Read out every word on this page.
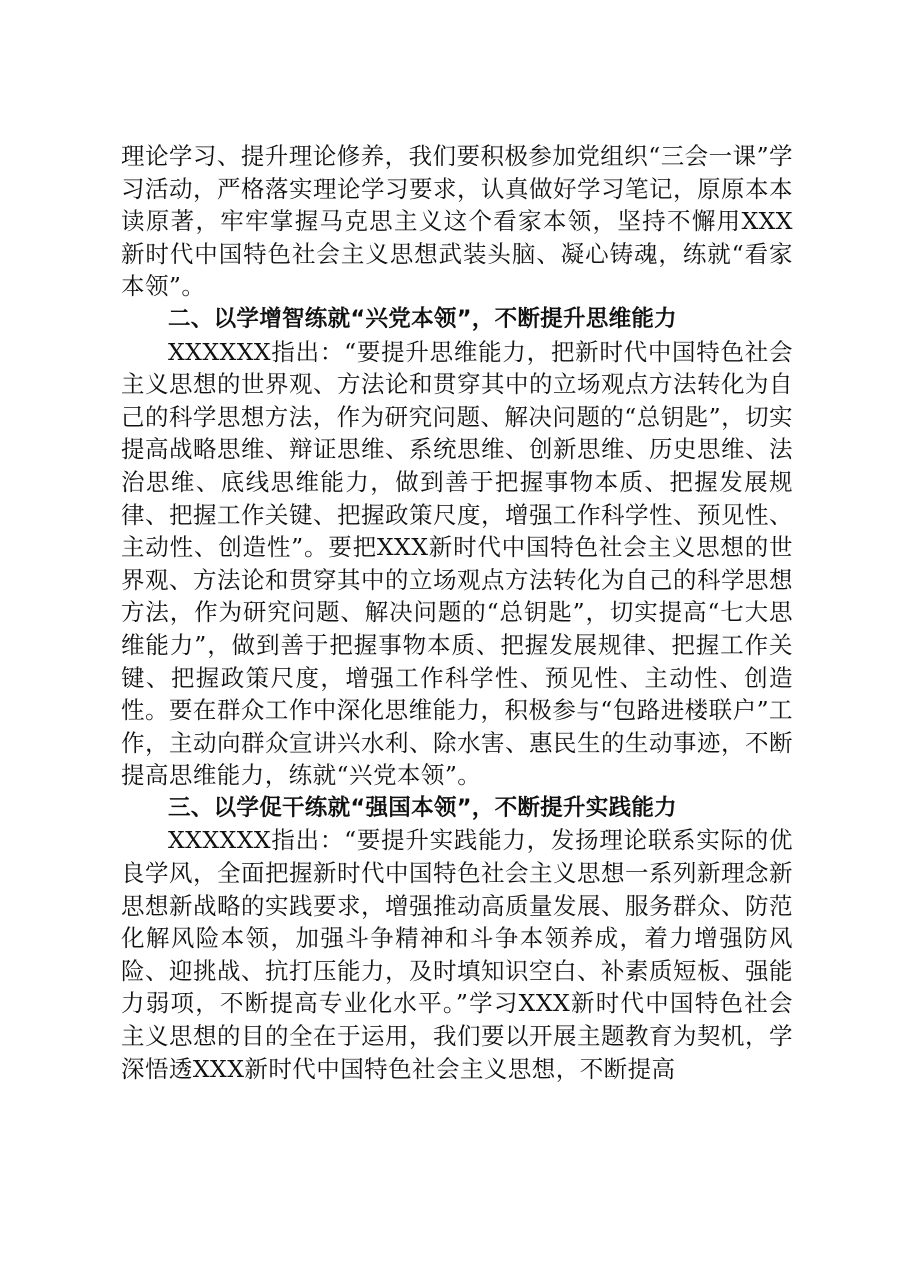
理论学习、提升理论修养，我们要积极参加党组织“三会一课”学习活动，严格落实理论学习要求，认真做好学习笔记，原原本本读原著，牢牢掌握马克思主义这个看家本领，坚持不懈用XXX新时代中国特色社会主义思想武装头脑、凝心铸魂，练就“看家本领”。

二、以学增智练就“兴党本领”，不断提升思维能力

XXXXXX指出：“要提升思维能力，把新时代中国特色社会主义思想的世界观、方法论和贯穿其中的立场观点方法转化为自己的科学思想方法，作为研究问题、解决问题的“总钥匙”，切实提高战略思维、辩证思维、系统思维、创新思维、历史思维、法治思维、底线思维能力，做到善于把握事物本质、把握发展规律、把握工作关键、把握政策尺度，增强工作科学性、预见性、主动性、创造性”。要把XXX新时代中国特色社会主义思想的世界观、方法论和贯穿其中的立场观点方法转化为自己的科学思想方法，作为研究问题、解决问题的“总钥匙”，切实提高“七大思维能力”，做到善于把握事物本质、把握发展规律、把握工作关键、把握政策尺度，增强工作科学性、预见性、主动性、创造性。要在群众工作中深化思维能力，积极参与“包路进楼联户”工作，主动向群众宣讲兴水利、除水害、惠民生的生动事迹，不断提高思维能力，练就“兴党本领”。

三、以学促干练就“强国本领”，不断提升实践能力

XXXXXX指出：“要提升实践能力，发扬理论联系实际的优良学风，全面把握新时代中国特色社会主义思想一系列新理念新思想新战略的实践要求，增强推动高质量发展、服务群众、防范化解风险本领，加强斗争精神和斗争本领养成，着力增强防风险、迎挑战、抗打压能力，及时填知识空白、补素质短板、强能力弱项，不断提高专业化水平。”学习XXX新时代中国特色社会主义思想的目的全在于运用，我们要以开展主题教育为契机，学深悟透XXX新时代中国特色社会主义思想，不断提高
